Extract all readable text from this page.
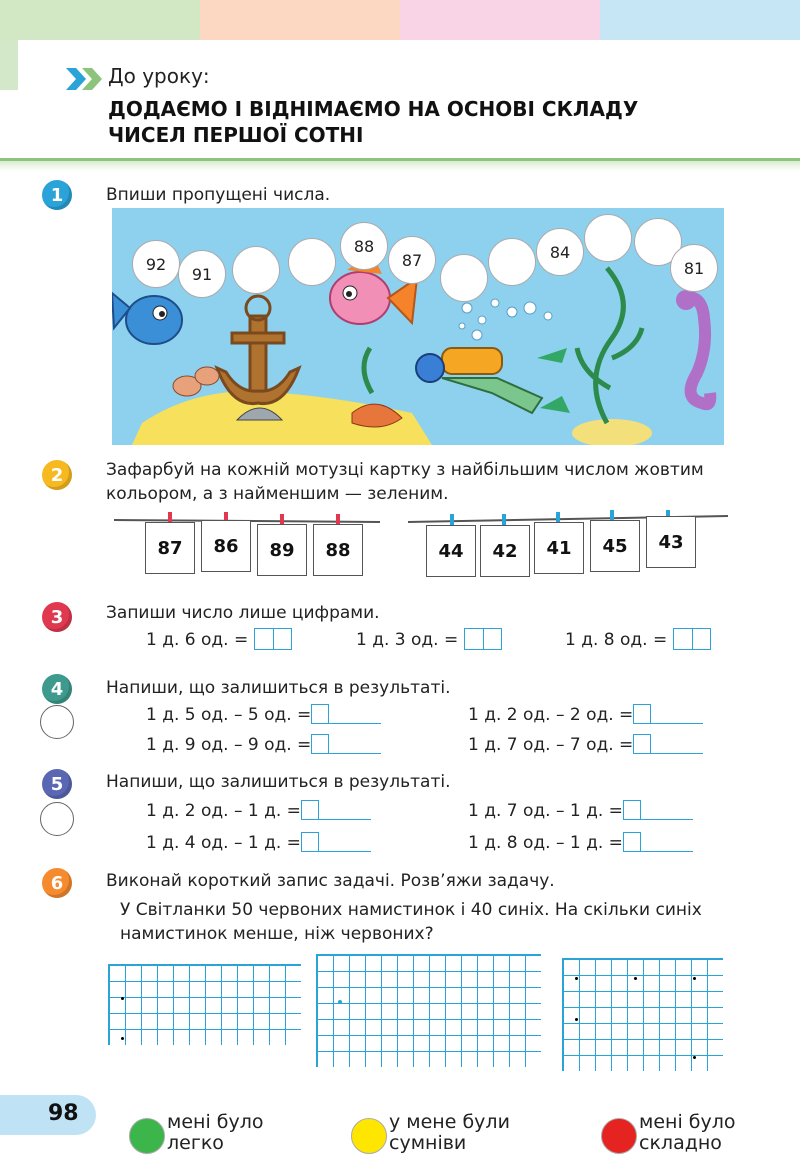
До уроку:
ДОДАЄМО І ВІДНІМАЄМО НА ОСНОВІ СКЛАДУ
ЧИСЕЛ ПЕРШОЇ СОТНІ
1	Впиши пропущені числа.
92
91
88
87	84
81
2	Зафарбуй на кожній мотузці картку з найбільшим числом жовтим
кольором, а з найменшим — зеленим.
87	86	89	88	44	42	41	45	43
3	Запиши число лише цифрами.
1 д. 6 од. =	1 д. 3 од. =	1 д. 8 од. =
4	Напиши, що залишиться в результаті.
1 д. 5 од. – 5 од. =	1 д. 2 од. – 2 од. =
1 д. 9 од. – 9 од. =	1 д. 7 од. – 7 од. =
5	Напиши, що залишиться в результаті.
1 д. 2 од. – 1 д. =	1 д. 7 од. – 1 д. =
1 д. 4 од. – 1 д. =	1 д. 8 од. – 1 д. =
6	Виконай короткий запис задачі. Розв’яжи задачу.
У Світланки 50 червоних намистинок і 40 синіх. На скільки синіх
намистинок менше, ніж червоних?
98	мені було
легко
у мене були
сумніви
мені було
складно
